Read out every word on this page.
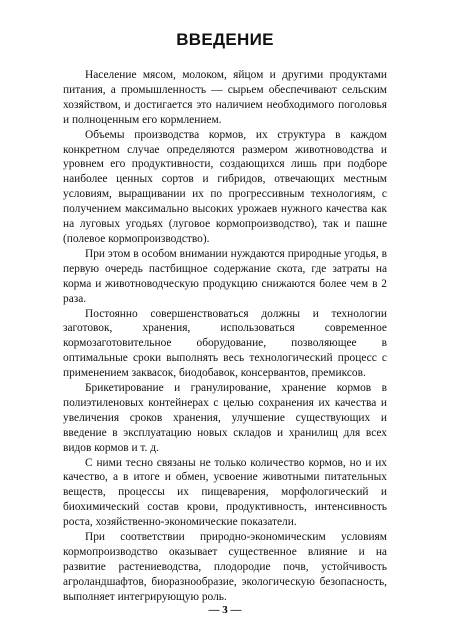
ВВЕДЕНИЕ

Население мясом, молоком, яйцом и другими продуктами питания, а промышленность — сырьем обеспечивают сельским хозяйством, и достигается это наличием необходимого поголовья и полноценным его кормлением.

Объемы производства кормов, их структура в каждом конкретном случае определяются размером животноводства и уровнем его продуктивности, создающихся лишь при подборе наиболее ценных сортов и гибридов, отвечающих местным условиям, выращивании их по прогрессивным технологиям, с получением максимально высоких урожаев нужного качества как на луговых угодьях (луговое кормопроизводство), так и пашне (полевое кормопроизводство).

При этом в особом внимании нуждаются природные угодья, в первую очередь пастбищное содержание скота, где затраты на корма и животноводческую продукцию снижаются более чем в 2 раза.

Постоянно совершенствоваться должны и технологии заготовок, хранения, использоваться современное кормозаготовительное оборудование, позволяющее в оптимальные сроки выполнять весь технологический процесс с применением заквасок, биодобавок, консервантов, премиксов.

Брикетирование и гранулирование, хранение кормов в полиэтиленовых контейнерах с целью сохранения их качества и увеличения сроков хранения, улучшение существующих и введение в эксплуатацию новых складов и хранилищ для всех видов кормов и т. д.

С ними тесно связаны не только количество кормов, но и их качество, а в итоге и обмен, усвоение животными питательных веществ, процессы их пищеварения, морфологический и биохимический состав крови, продуктивность, интенсивность роста, хозяйственно-экономические показатели.

При соответствии природно-экономическим условиям кормопроизводство оказывает существенное влияние и на развитие растениеводства, плодородие почв, устойчивость агроландшафтов, биоразнообразие, экологическую безопасность, выполняет интегрирующую роль.

— 3 —
